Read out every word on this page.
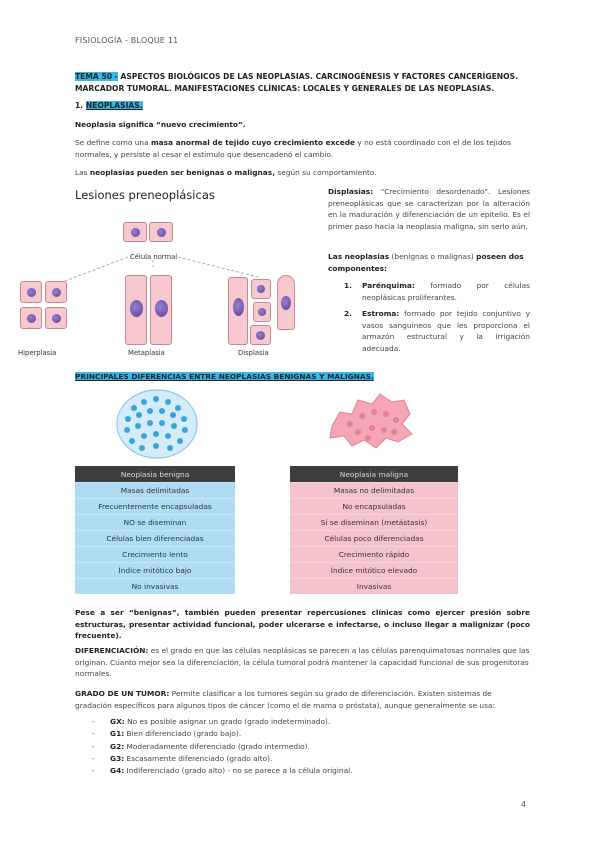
FISIOLOGÍA - BLOQUE 11
TEMA 50 - ASPECTOS BIOLÓGICOS DE LAS NEOPLASIAS. CARCINOGÉNESIS Y FACTORES CANCERÍGENOS. MARCADOR TUMORAL. MANIFESTACIONES CLÍNICAS: LOCALES Y GENERALES DE LAS NEOPLASIAS.
1. NEOPLASIAS.
Neoplasia significa “nuevo crecimiento”.
Se define como una masa anormal de tejido cuyo crecimiento excede y no está coordinado con el de los tejidos normales, y persiste al cesar el estímulo que desencadenó el cambio.
Las neoplasias pueden ser benignas o malignas, según su comportamiento.
Lesiones preneoplásicas
Célula normal
Hiperplasia	Metaplasia	Displasia
Displasias: “Crecimiento desordenado”. Lesiones preneoplásicas que se caracterizan por la alteración en la maduración y diferenciación de un epitelio. Es el primer paso hacia la neoplasia maligna, sin serlo aún.
Las neoplasias (benignas o malignas) poseen dos componentes:
1. Parénquima: formado por células neoplásicas proliferantes.
2. Estroma: formado por tejido conjuntivo y vasos sanguíneos que les proporciona el armazón estructural y la irrigación adecuada.
PRINCIPALES DIFERENCIAS ENTRE NEOPLASIAS BENIGNAS Y MALIGNAS.
Neoplasia benigna
Masas delimitadas
Frecuentemente encapsuladas
NO se diseminan
Células bien diferenciadas
Crecimiento lento
Índice mitótico bajo
No invasivas
Neoplasia maligna
Masas no delimitadas
No encapsuladas
Sí se diseminan (metástasis)
Células poco diferenciadas
Crecimiento rápido
Índice mitótico elevado
Invasivas
Pese a ser “benignas”, también pueden presentar repercusiones clínicas como ejercer presión sobre estructuras, presentar actividad funcional, poder ulcerarse e infectarse, o incluso llegar a malignizar (poco frecuente).
DIFERENCIACIÓN: es el grado en que las células neoplásicas se parecen a las células parenquimatosas normales que las originan. Cuanto mejor sea la diferenciación, la célula tumoral podrá mantener la capacidad funcional de sus progenitoras normales.
GRADO DE UN TUMOR: Permite clasificar a los tumores según su grado de diferenciación. Existen sistemas de gradación específicos para algunos tipos de cáncer (como el de mama o próstata), aunque generalmente se usa:
- GX: No es posible asignar un grado (grado indeterminado).
- G1: Bien diferenciado (grado bajo).
- G2: Moderadamente diferenciado (grado intermedio).
- G3: Escasamente diferenciado (grado alto).
- G4: Indiferenciado (grado alto) - no se parece a la célula original.
4
